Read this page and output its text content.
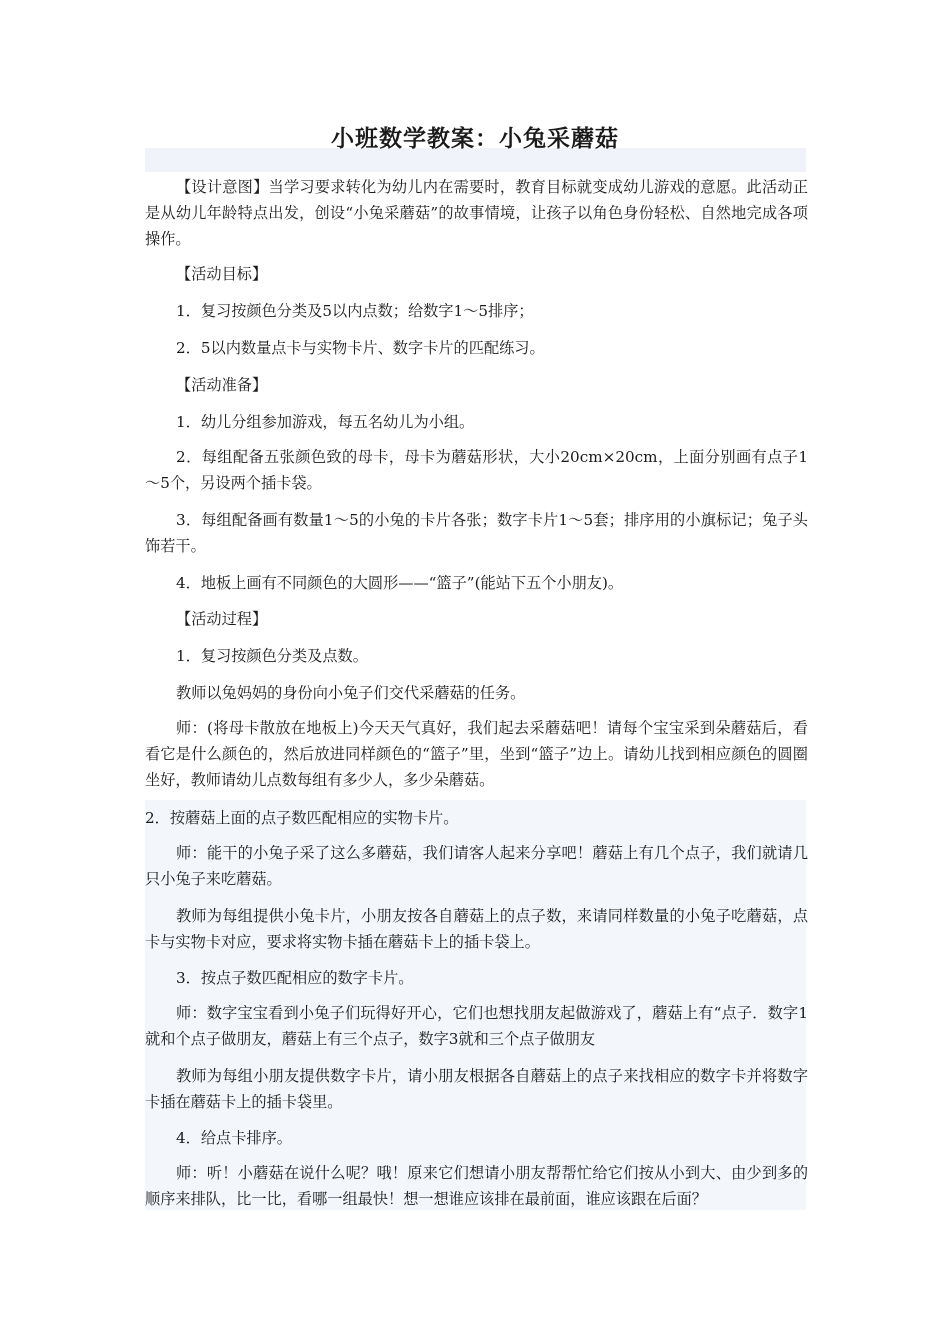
小班数学教案：小兔采蘑菇
【设计意图】当学习要求转化为幼儿内在需要时，教育目标就变成幼儿游戏的意愿。此活动正是从幼儿年龄特点出发，创设“小兔采蘑菇”的故事情境，让孩子以角色身份轻松、自然地完成各项操作。
【活动目标】
1．复习按颜色分类及5以内点数；给数字1～5排序；
2．5以内数量点卡与实物卡片、数字卡片的匹配练习。
【活动准备】
1．幼儿分组参加游戏，每五名幼儿为小组。
2．每组配备五张颜色致的母卡，母卡为蘑菇形状，大小20cm×20cm，上面分别画有点子1～5个，另设两个插卡袋。
3．每组配备画有数量1～5的小兔的卡片各张；数字卡片1～5套；排序用的小旗标记；兔子头饰若干。
4．地板上画有不同颜色的大圆形——“篮子”(能站下五个小朋友)。
【活动过程】
1．复习按颜色分类及点数。
教师以兔妈妈的身份向小兔子们交代采蘑菇的任务。
师：(将母卡散放在地板上)今天天气真好，我们起去采蘑菇吧！请每个宝宝采到朵蘑菇后，看看它是什么颜色的，然后放进同样颜色的“篮子”里，坐到“篮子”边上。请幼儿找到相应颜色的圆圈坐好，教师请幼儿点数每组有多少人，多少朵蘑菇。
2．按蘑菇上面的点子数匹配相应的实物卡片。
师：能干的小兔子采了这么多蘑菇，我们请客人起来分享吧！蘑菇上有几个点子，我们就请几只小兔子来吃蘑菇。
教师为每组提供小兔卡片，小朋友按各自蘑菇上的点子数，来请同样数量的小兔子吃蘑菇，点卡与实物卡对应，要求将实物卡插在蘑菇卡上的插卡袋上。
3．按点子数匹配相应的数字卡片。
师：数字宝宝看到小兔子们玩得好开心，它们也想找朋友起做游戏了，蘑菇上有“点子．数字1就和个点子做朋友，蘑菇上有三个点子，数字3就和三个点子做朋友
教师为每组小朋友提供数字卡片，请小朋友根据各自蘑菇上的点子来找相应的数字卡并将数字卡插在蘑菇卡上的插卡袋里。
4．给点卡排序。
师：听！小蘑菇在说什么呢？哦！原来它们想请小朋友帮帮忙给它们按从小到大、由少到多的顺序来排队，比一比，看哪一组最快！想一想谁应该排在最前面，谁应该跟在后面？
